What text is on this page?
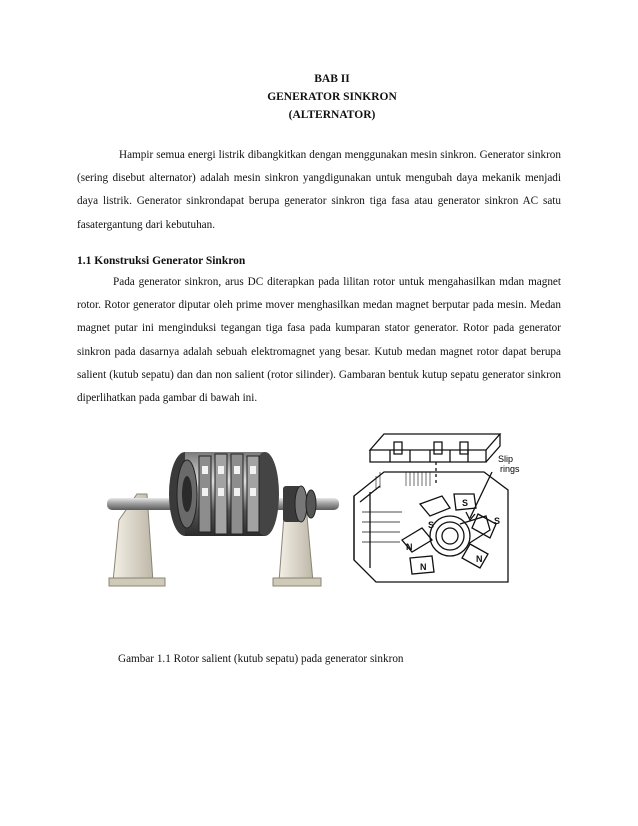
BAB II
GENERATOR SINKRON
(ALTERNATOR)
Hampir semua energi listrik dibangkitkan dengan menggunakan mesin sinkron. Generator sinkron (sering disebut alternator) adalah mesin sinkron yangdigunakan untuk mengubah daya mekanik menjadi daya listrik. Generator sinkrondapat berupa generator sinkron tiga fasa atau generator sinkron AC satu fasatergantung dari kebutuhan.
1.1 Konstruksi Generator Sinkron
Pada generator sinkron, arus DC diterapkan pada lilitan rotor untuk mengahasilkan mdan magnet rotor. Rotor generator diputar oleh prime mover menghasilkan medan magnet berputar pada mesin. Medan magnet putar ini menginduksi tegangan tiga fasa pada kumparan stator generator. Rotor pada generator sinkron pada dasarnya adalah sebuah elektromagnet yang besar. Kutub medan magnet rotor dapat berupa salient (kutub sepatu) dan dan non salient (rotor silinder). Gambaran bentuk kutup sepatu generator sinkron diperlihatkan pada gambar di bawah ini.
Slip
rings
S
S
S
N
N
N
Gambar 1.1 Rotor salient (kutub sepatu) pada generator sinkron
